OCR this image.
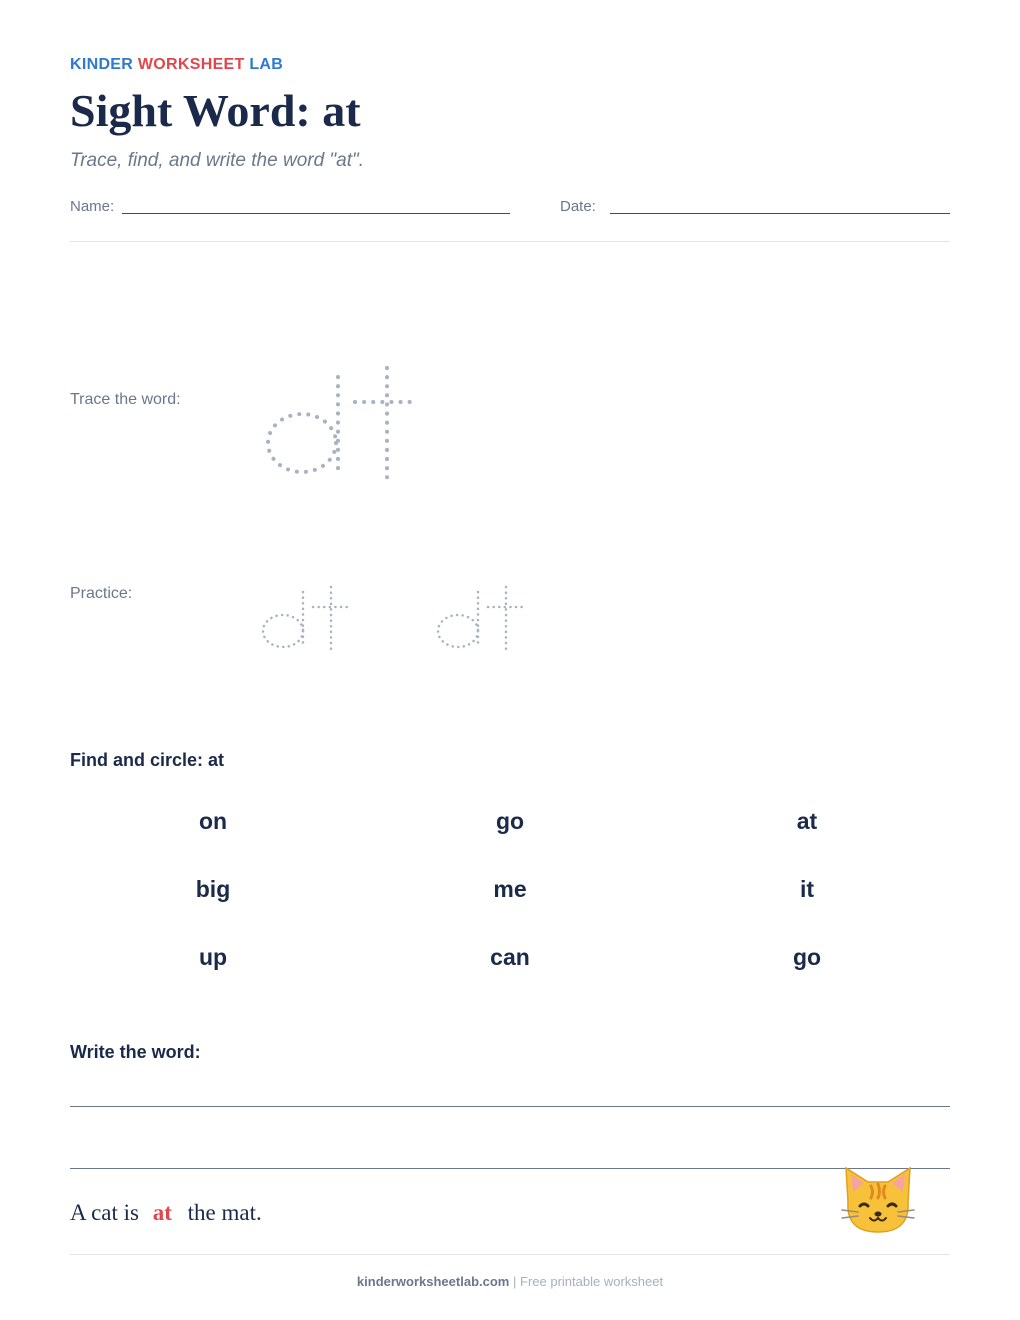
KINDER WORKSHEET LAB
Sight Word: at
Trace, find, and write the word "at".
Name:	Date:
Trace the word:
Practice:
Find and circle: at
on	go	at
big	me	it
up	can	go
Write the word:
A cat is at the mat.
kinderworksheetlab.com | Free printable worksheet
